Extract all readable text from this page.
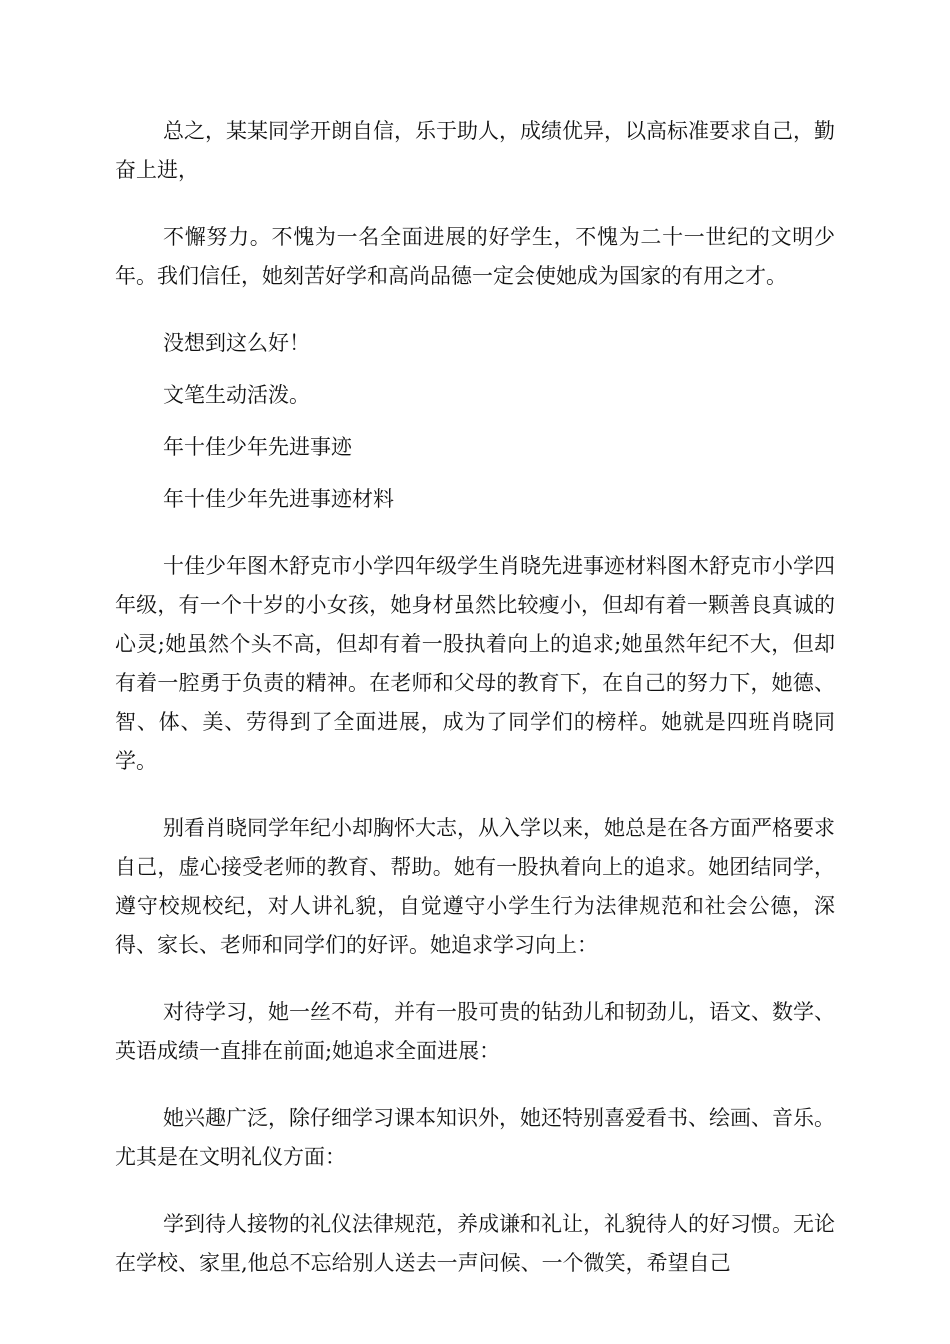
总之，某某同学开朗自信，乐于助人，成绩优异，以高标准要求自己，勤奋上进，

不懈努力。不愧为一名全面进展的好学生，不愧为二十一世纪的文明少年。我们信任，她刻苦好学和高尚品德一定会使她成为国家的有用之才。

没想到这么好！

文笔生动活泼。

年十佳少年先进事迹

年十佳少年先进事迹材料

十佳少年图木舒克市小学四年级学生肖晓先进事迹材料图木舒克市小学四年级，有一个十岁的小女孩，她身材虽然比较瘦小，但却有着一颗善良真诚的心灵;她虽然个头不高，但却有着一股执着向上的追求;她虽然年纪不大，但却有着一腔勇于负责的精神。在老师和父母的教育下，在自己的努力下，她德、智、体、美、劳得到了全面进展，成为了同学们的榜样。她就是四班肖晓同学。

别看肖晓同学年纪小却胸怀大志，从入学以来，她总是在各方面严格要求自己，虚心接受老师的教育、帮助。她有一股执着向上的追求。她团结同学，遵守校规校纪，对人讲礼貌，自觉遵守小学生行为法律规范和社会公德，深得、家长、老师和同学们的好评。她追求学习向上：

对待学习，她一丝不苟，并有一股可贵的钻劲儿和韧劲儿，语文、数学、英语成绩一直排在前面;她追求全面进展：

她兴趣广泛，除仔细学习课本知识外，她还特别喜爱看书、绘画、音乐。尤其是在文明礼仪方面：

学到待人接物的礼仪法律规范，养成谦和礼让，礼貌待人的好习惯。无论在学校、家里,他总不忘给别人送去一声问候、一个微笑，希望自己
